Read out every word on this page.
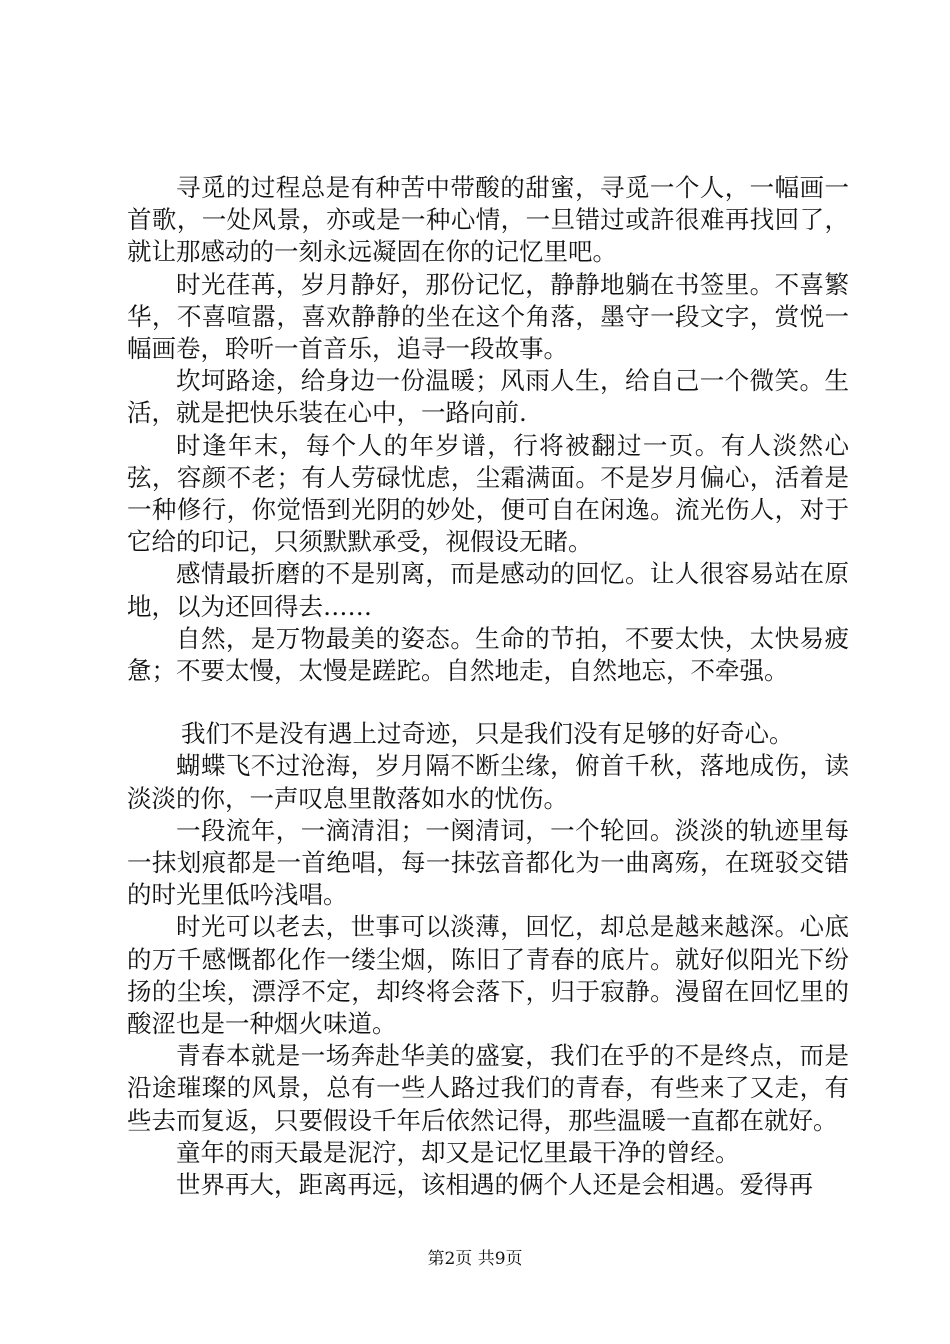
寻觅的过程总是有种苦中带酸的甜蜜，寻觅一个人，一幅画一首歌，一处风景，亦或是一种心情，一旦错过或許很难再找回了，就让那感动的一刻永远凝固在你的记忆里吧。

时光荏苒，岁月静好，那份记忆，静静地躺在书签里。不喜繁华，不喜喧嚣，喜欢静静的坐在这个角落，墨守一段文字，赏悦一幅画卷，聆听一首音乐，追寻一段故事。

坎坷路途，给身边一份温暖；风雨人生，给自己一个微笑。生活，就是把快乐装在心中，一路向前.

时逢年末，每个人的年岁谱，行将被翻过一页。有人淡然心弦，容颜不老；有人劳碌忧虑，尘霜满面。不是岁月偏心，活着是一种修行，你觉悟到光阴的妙处，便可自在闲逸。流光伤人，对于它给的印记，只须默默承受，视假设无睹。

感情最折磨的不是别离，而是感动的回忆。让人很容易站在原地，以为还回得去……

自然，是万物最美的姿态。生命的节拍，不要太快，太快易疲惫；不要太慢，太慢是蹉跎。自然地走，自然地忘，不牵强。

我们不是没有遇上过奇迹，只是我们没有足够的好奇心。

蝴蝶飞不过沧海，岁月隔不断尘缘，俯首千秋，落地成伤，读淡淡的你，一声叹息里散落如水的忧伤。

一段流年，一滴清泪；一阕清词，一个轮回。淡淡的轨迹里每一抹划痕都是一首绝唱，每一抹弦音都化为一曲离殇，在斑驳交错的时光里低吟浅唱。

时光可以老去，世事可以淡薄，回忆，却总是越来越深。心底的万千感慨都化作一缕尘烟，陈旧了青春的底片。就好似阳光下纷扬的尘埃，漂浮不定，却终将会落下，归于寂静。漫留在回忆里的酸涩也是一种烟火味道。

青春本就是一场奔赴华美的盛宴，我们在乎的不是终点，而是沿途璀璨的风景，总有一些人路过我们的青春，有些来了又走，有些去而复返，只要假设千年后依然记得，那些温暖一直都在就好。

童年的雨天最是泥泞，却又是记忆里最干净的曾经。

世界再大，距离再远，该相遇的俩个人还是会相遇。爱得再

第2页 共9页
